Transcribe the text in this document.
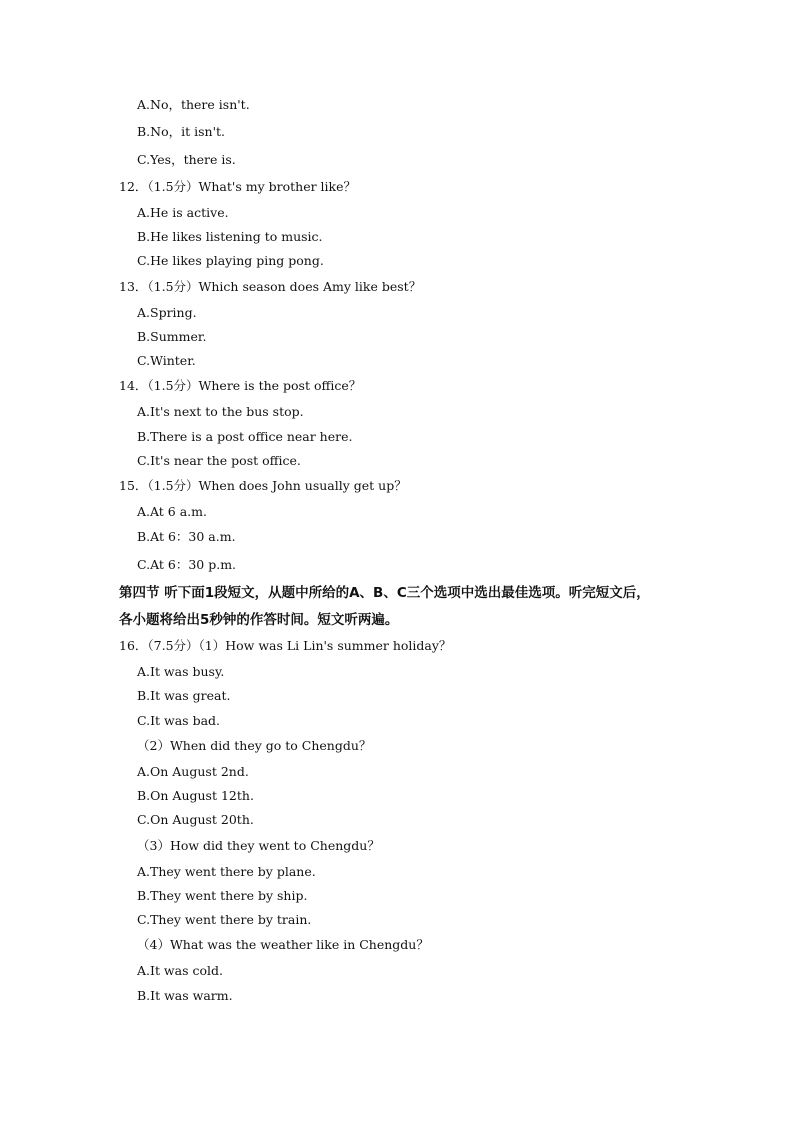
A.No，there isn't.
B.No，it isn't.
C.Yes，there is.
12．（1.5分）What's my brother like？
A.He is active.
B.He likes listening to music.
C.He likes playing ping pong.
13．（1.5分）Which season does Amy like best？
A.Spring.
B.Summer.
C.Winter.
14．（1.5分）Where is the post office？
A.It's next to the bus stop.
B.There is a post office near here.
C.It's near the post office.
15．（1.5分）When does John usually get up？
A.At 6 a.m.
B.At 6：30 a.m.
C.At 6：30 p.m.
第四节 听下面1段短文，从题中所给的A、B、C三个选项中选出最佳选项。听完短文后，
各小题将给出5秒钟的作答时间。短文听两遍。
16．（7.5分）（1）How was Li Lin's summer holiday？
A.It was busy.
B.It was great.
C.It was bad.
（2）When did they go to Chengdu？
A.On August 2nd.
B.On August 12th.
C.On August 20th.
（3）How did they went to Chengdu？
A.They went there by plane.
B.They went there by ship.
C.They went there by train.
（4）What was the weather like in Chengdu？
A.It was cold.
B.It was warm.
